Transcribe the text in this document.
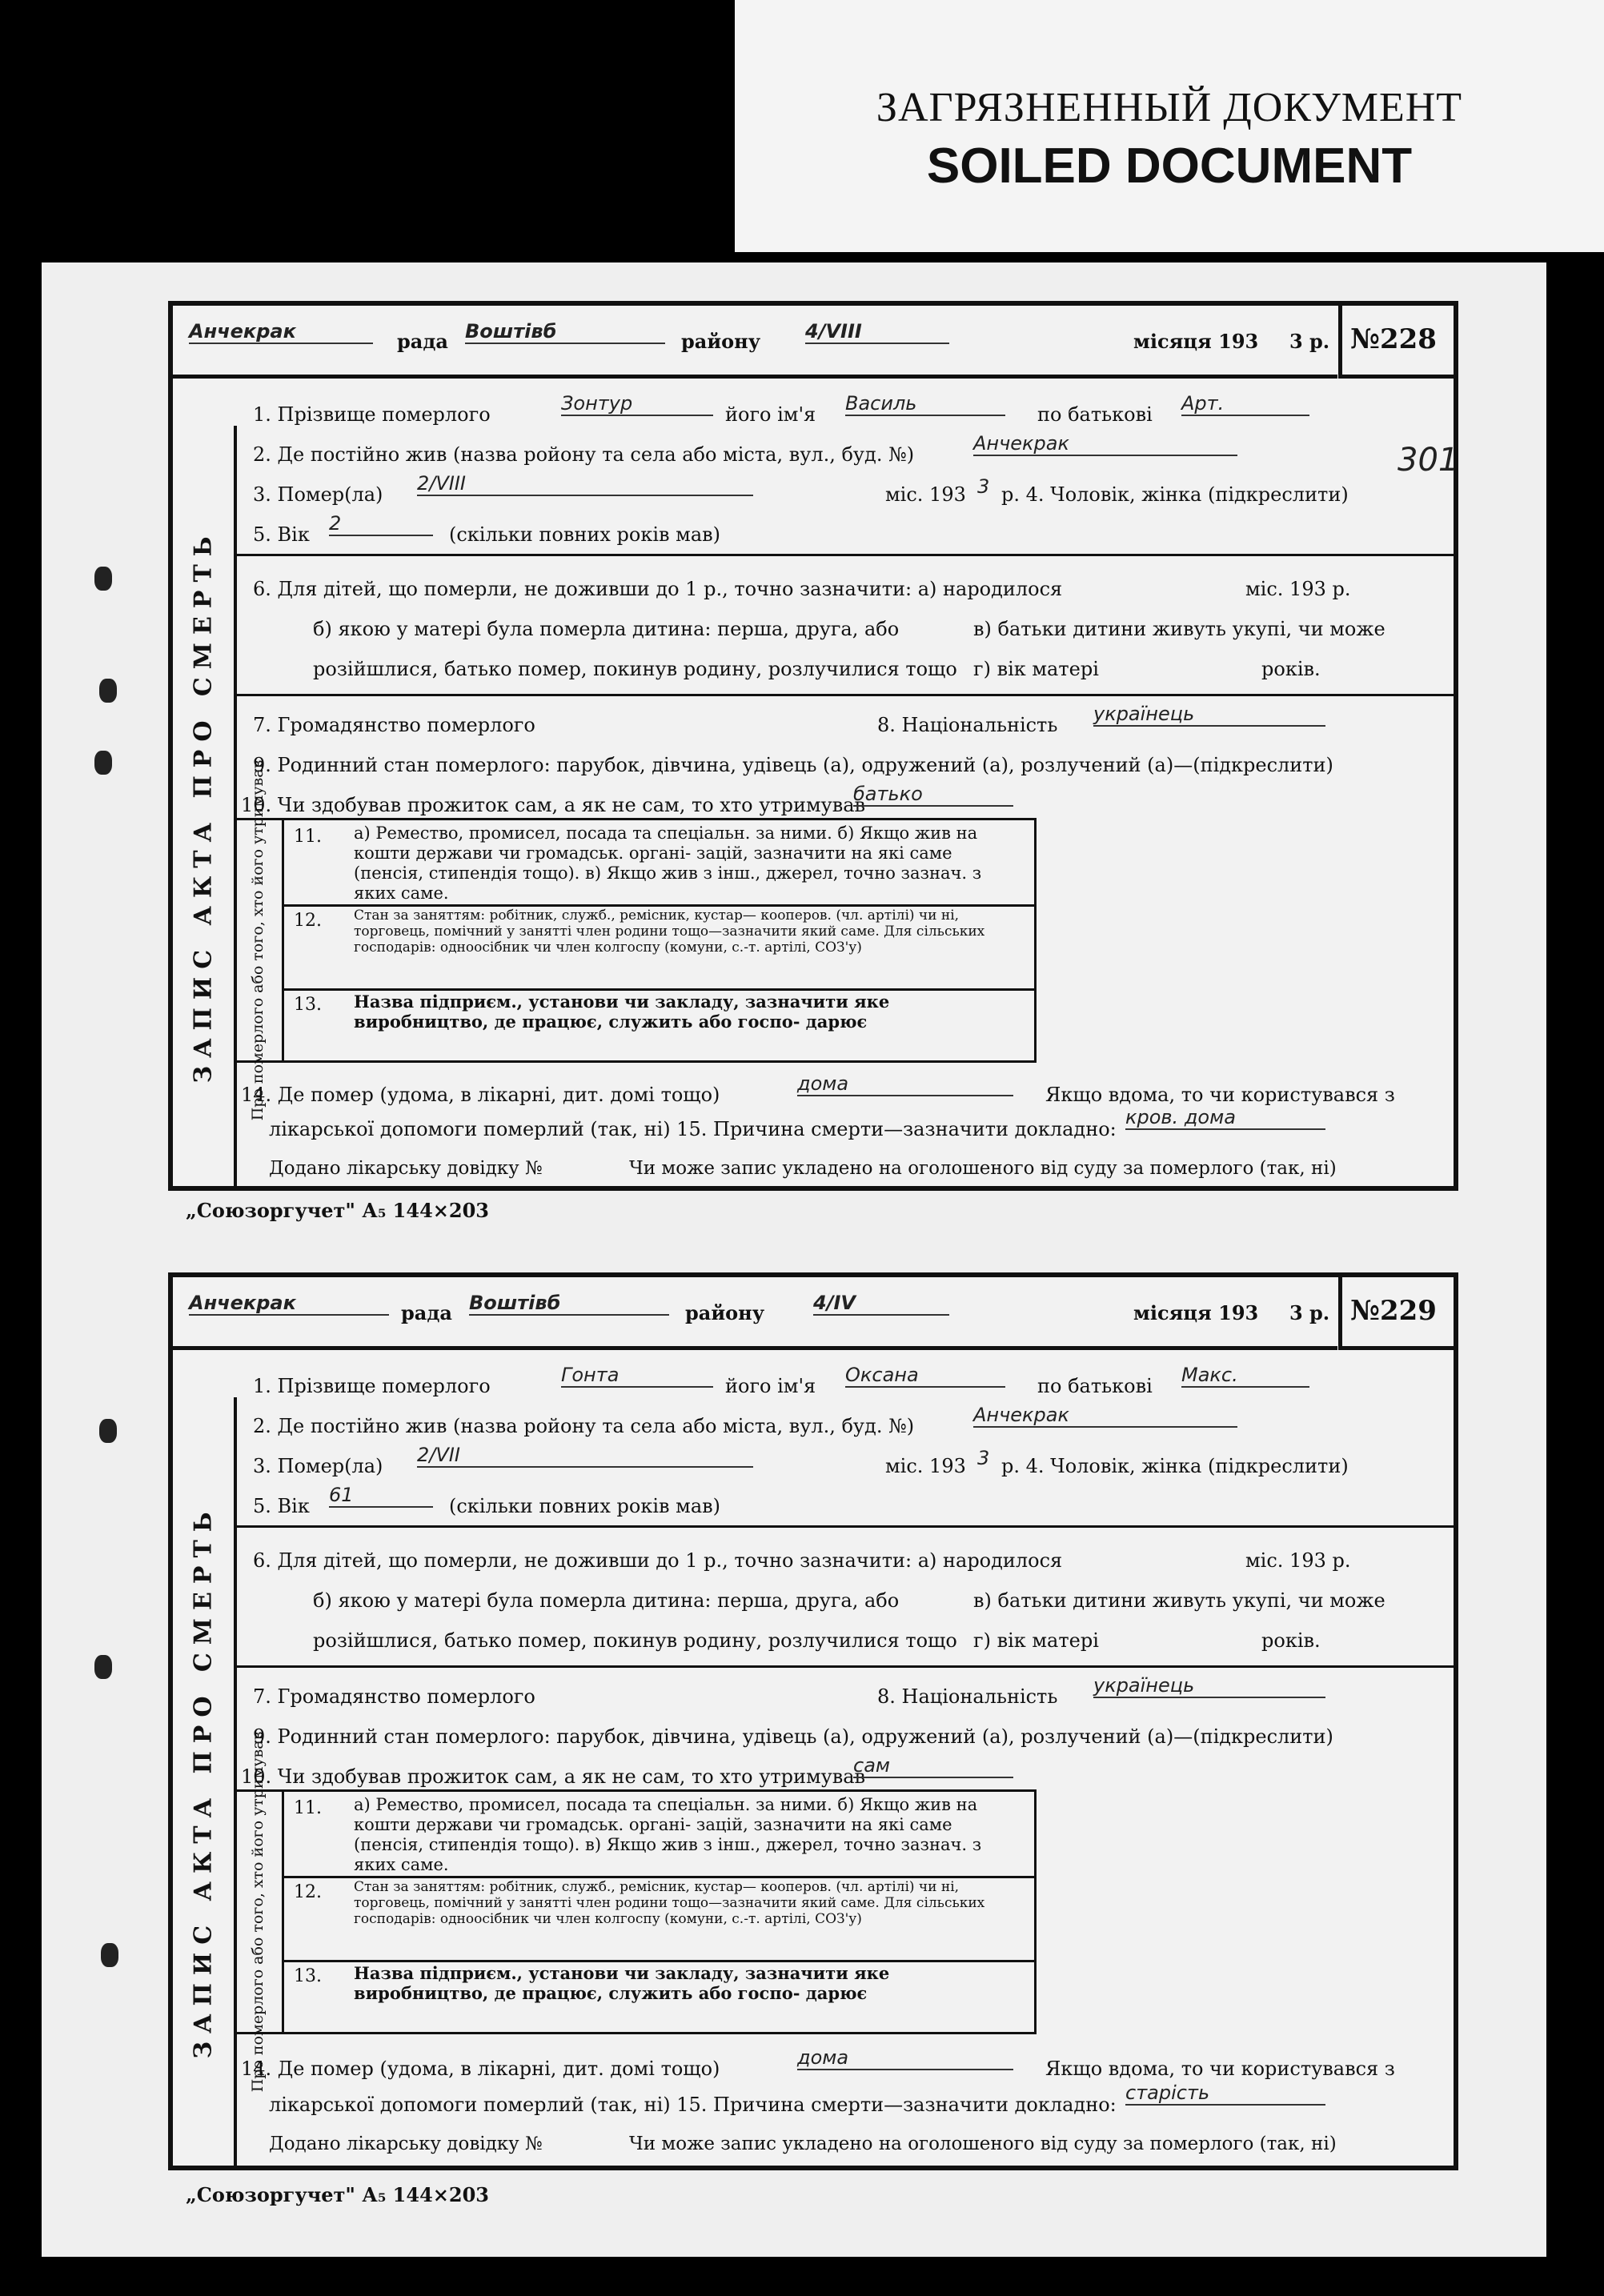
ЗАГРЯЗНЕННЫЙ ДОКУМЕНТ
SOILED DOCUMENT
Анчекрак	рада Воштівб	району 4/VIII	місяця 193 3 р. №228
ЗАПИС АКТА ПРО СМЕРТЬ
1. Прізвище померлого	Зонтур	його ім'я Василь	по батькові Арт.
2. Де постійно жив (назва ройону та села або міста, вул., буд. №)	Анчекрак	301
3. Помер(ла) 2/VIII	міс. 193 3 р. 4. Чоловік, жінка (підкреслити)
5. Вік 2	(скільки повних років мав)
6. Для дітей, що померли, не доживши до 1 р., точно зазначити: а) народилося	міс. 193 р.
б) якою у матері була померла дитина: перша, друга, або	в) батьки дитини живуть укупі, чи може
розійшлися, батько помер, покинув родину, розлучилися тощо г) вік матері	років.
7. Громадянство померлого	8. Національність українець
9. Родинний стан померлого: парубок, дівчина, удівець (а), одружений (а), розлучений (а)—(підкреслити)
10. Чи здобував прожиток сам, а як не сам, то хто утримував
батько
Про померлого або того, хто його утримував 11. а) Ремество, промисел, посада та спеціальн. за ними. б) Якщо жив на кошти держави чи громадськ. органі- зацій, зазначити на які саме (пенсія, стипендія тощо). в) Якщо жив з інш., джерел, точно зазнач. з яких саме.
12. Стан за заняттям: робітник, служб., ремісник, кустар— кооперов. (чл. артілі) чи ні, торговець, помічний у занятті член родини тощо—зазначити який саме. Для сільських господарів: одноосібник чи член колгоспу (комуни, с.-т. артілі, СОЗ'у)
13. Назва підприєм., установи чи закладу, зазначити яке виробництво, де працює, служить або госпо- дарює
14. Де помер (удома, в лікарні, дит. домі тощо)	дома	Якщо вдома, то чи користувався з
лікарської допомоги померлий (так, ні) 15. Причина смерти—зазначити докладно:
кров. дома
Додано лікарську довідку №	Чи може запис укладено на оголошеного від суду за померлого (так, ні)
„Союзоргучет" А₅ 144×203
Анчекрак	рада Воштівб	району	4/IV	місяця 193 3 р. №229
ЗАПИС АКТА ПРО СМЕРТЬ
1. Прізвище померлого	Гонта	його ім'я Оксана	по батькові Макс.
2. Де постійно жив (назва ройону та села або міста, вул., буд. №)	Анчекрак
3. Помер(ла) 2/VII	міс. 193 3 р. 4. Чоловік, жінка (підкреслити)
5. Вік 61	(скільки повних років мав)
6. Для дітей, що померли, не доживши до 1 р., точно зазначити: а) народилося	міс. 193 р.
б) якою у матері була померла дитина: перша, друга, або	в) батьки дитини живуть укупі, чи може
розійшлися, батько помер, покинув родину, розлучилися тощо г) вік матері	років.
7. Громадянство померлого	8. Національність українець
9. Родинний стан померлого: парубок, дівчина, удівець (а), одружений (а), розлучений (а)—(підкреслити)
10. Чи здобував прожиток сам, а як не сам, то хто утримував
сам
Про померлого або того, хто його утримував 11. а) Ремество, промисел, посада та спеціальн. за ними. б) Якщо жив на кошти держави чи громадськ. органі- зацій, зазначити на які саме (пенсія, стипендія тощо). в) Якщо жив з інш., джерел, точно зазнач. з яких саме.
12. Стан за заняттям: робітник, служб., ремісник, кустар— кооперов. (чл. артілі) чи ні, торговець, помічний у занятті член родини тощо—зазначити який саме. Для сільських господарів: одноосібник чи член колгоспу (комуни, с.-т. артілі, СОЗ'у)
13. Назва підприєм., установи чи закладу, зазначити яке виробництво, де працює, служить або госпо- дарює
14. Де помер (удома, в лікарні, дит. домі тощо)	дома	Якщо вдома, то чи користувався з
лікарської допомоги померлий (так, ні) 15. Причина смерти—зазначити докладно:
старість
Додано лікарську довідку №	Чи може запис укладено на оголошеного від суду за померлого (так, ні)
„Союзоргучет" А₅ 144×203
